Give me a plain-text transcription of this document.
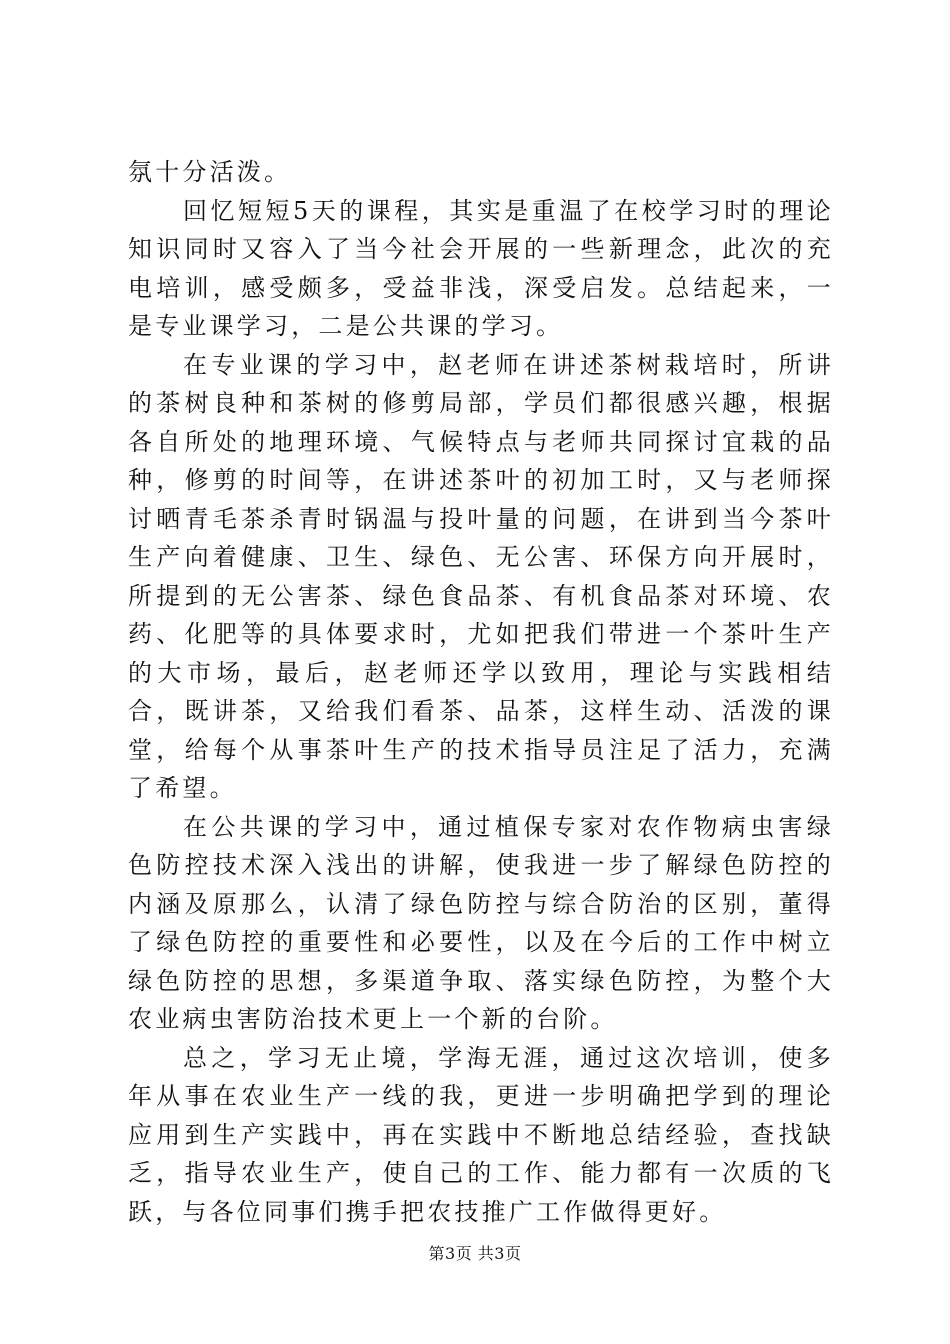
氛十分活泼。

回忆短短5天的课程，其实是重温了在校学习时的理论知识同时又容入了当今社会开展的一些新理念，此次的充电培训，感受颇多，受益非浅，深受启发。总结起来，一是专业课学习，二是公共课的学习。

在专业课的学习中，赵老师在讲述茶树栽培时，所讲的茶树良种和茶树的修剪局部，学员们都很感兴趣，根据各自所处的地理环境、气候特点与老师共同探讨宜栽的品种，修剪的时间等，在讲述茶叶的初加工时，又与老师探讨晒青毛茶杀青时锅温与投叶量的问题，在讲到当今茶叶生产向着健康、卫生、绿色、无公害、环保方向开展时，所提到的无公害茶、绿色食品茶、有机食品茶对环境、农药、化肥等的具体要求时，尤如把我们带进一个茶叶生产的大市场，最后，赵老师还学以致用，理论与实践相结合，既讲茶，又给我们看茶、品茶，这样生动、活泼的课堂，给每个从事茶叶生产的技术指导员注足了活力，充满了希望。

在公共课的学习中，通过植保专家对农作物病虫害绿色防控技术深入浅出的讲解，使我进一步了解绿色防控的内涵及原那么，认清了绿色防控与综合防治的区别，董得了绿色防控的重要性和必要性，以及在今后的工作中树立绿色防控的思想，多渠道争取、落实绿色防控，为整个大农业病虫害防治技术更上一个新的台阶。

总之，学习无止境，学海无涯，通过这次培训，使多年从事在农业生产一线的我，更进一步明确把学到的理论应用到生产实践中，再在实践中不断地总结经验，查找缺乏，指导农业生产，使自己的工作、能力都有一次质的飞跃，与各位同事们携手把农技推广工作做得更好。

第3页 共3页
